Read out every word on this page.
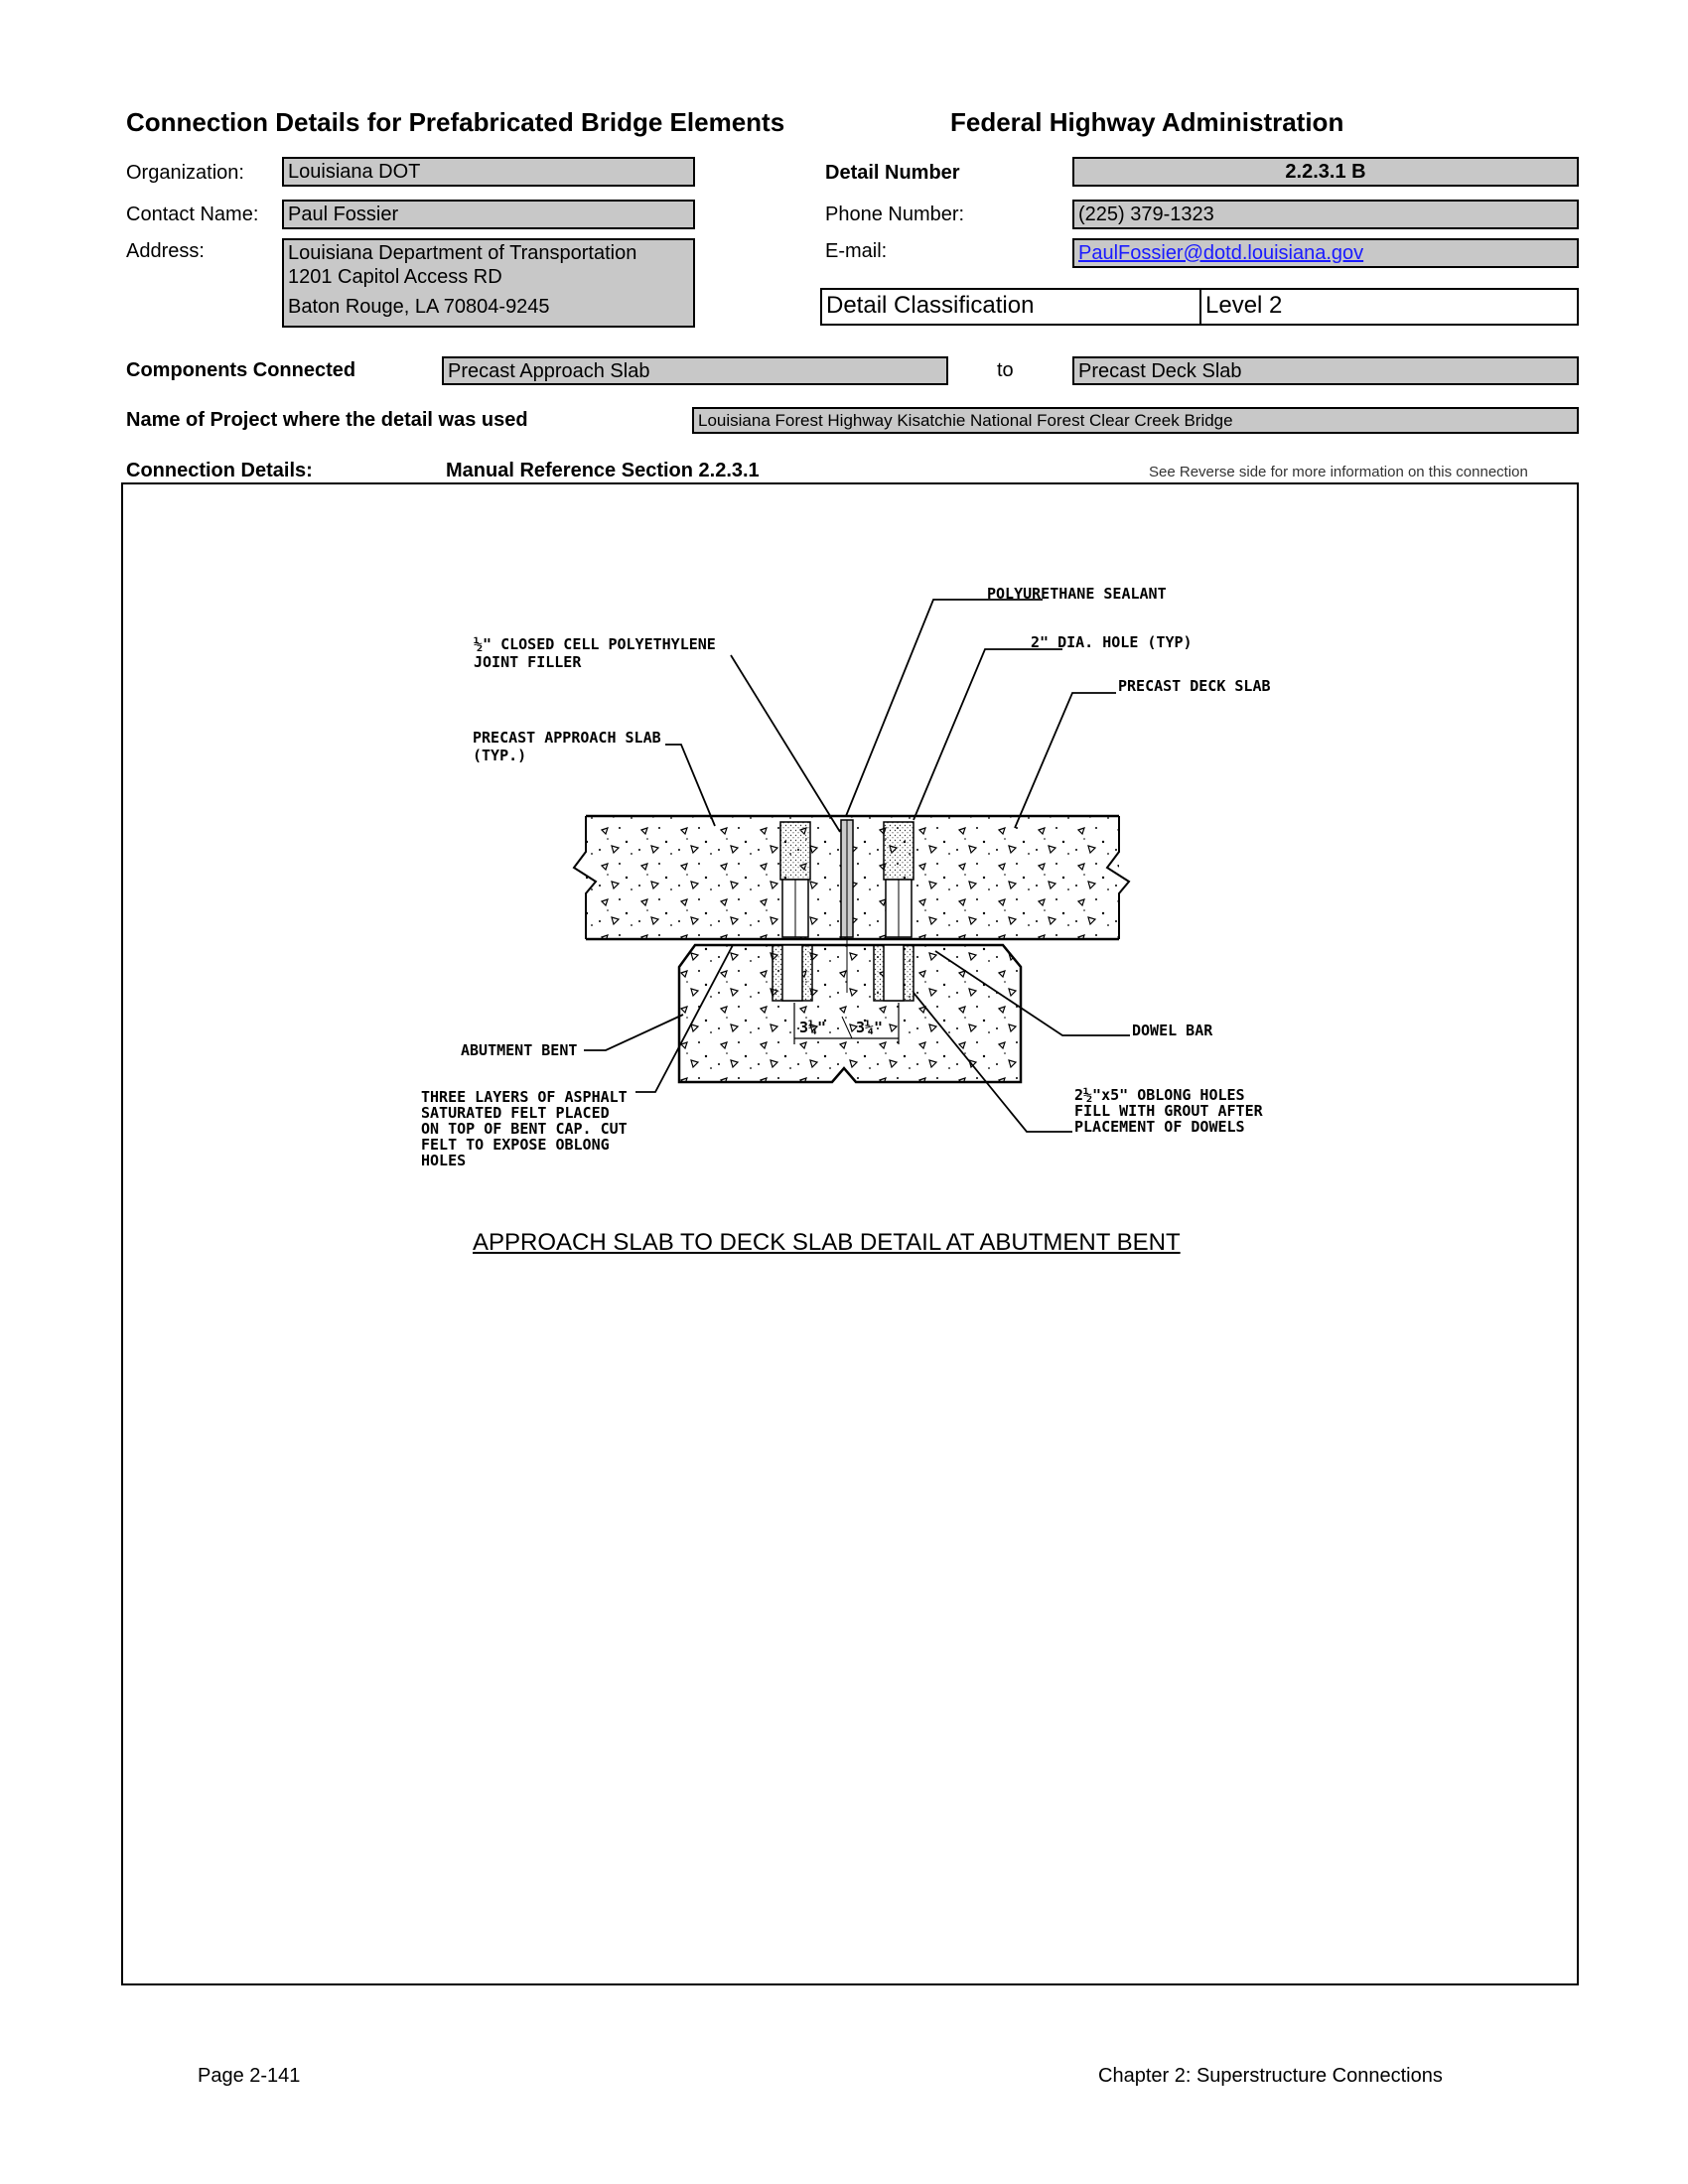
Connection Details for Prefabricated Bridge Elements	Federal Highway Administration
Organization:	Louisiana DOT
Contact Name:	Paul Fossier
Address:	Louisiana Department of Transportation
1201 Capitol Access RD
Baton Rouge, LA 70804-9245
Detail Number	2.2.3.1 B
Phone Number:	(225) 379-1323
E-mail:	PaulFossier@dotd.louisiana.gov
Detail Classification	Level 2
Components Connected	Precast Approach Slab	to	Precast Deck Slab
Name of Project where the detail was used	Louisiana Forest Highway Kisatchie National Forest Clear Creek Bridge
Connection Details:	Manual Reference Section 2.2.3.1	See Reverse side for more information on this connection
POLYURETHANE SEALANT
½" CLOSED CELL POLYETHYLENE
JOINT FILLER
2" DIA. HOLE (TYP)
PRECAST DECK SLAB
PRECAST APPROACH SLAB
(TYP.)
ABUTMENT BENT
DOWEL BAR
3¼" 3¼"
THREE LAYERS OF ASPHALT
SATURATED FELT PLACED
ON TOP OF BENT CAP. CUT
FELT TO EXPOSE OBLONG
HOLES
2½"x5" OBLONG HOLES
FILL WITH GROUT AFTER
PLACEMENT OF DOWELS
APPROACH SLAB TO DECK SLAB DETAIL AT ABUTMENT BENT
Page 2-141	Chapter 2: Superstructure Connections
